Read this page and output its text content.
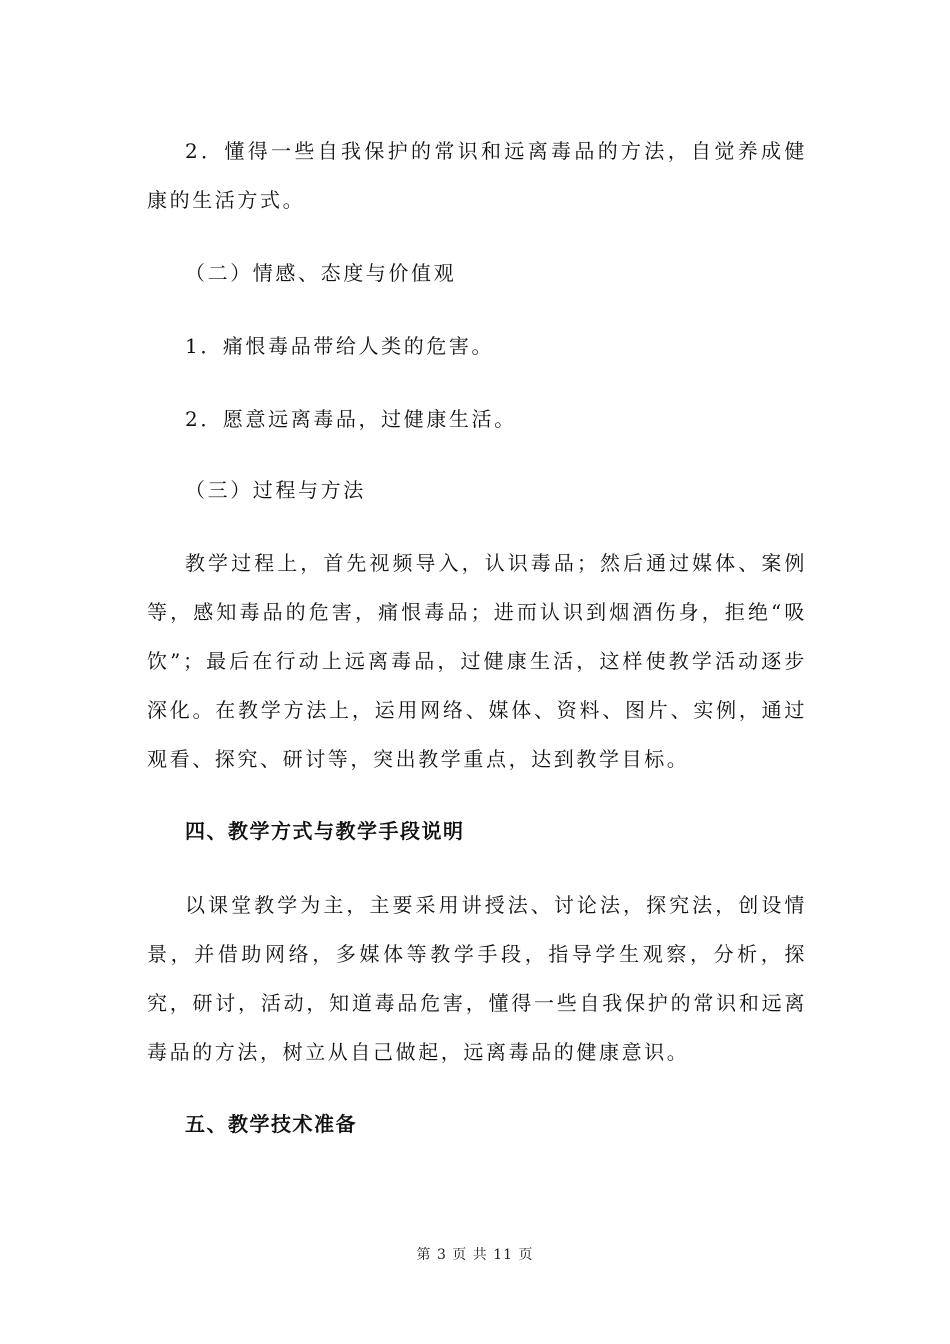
2．懂得一些自我保护的常识和远离毒品的方法，自觉养成健康的生活方式。

（二）情感、态度与价值观

1．痛恨毒品带给人类的危害。

2．愿意远离毒品，过健康生活。

（三）过程与方法

教学过程上，首先视频导入，认识毒品；然后通过媒体、案例等，感知毒品的危害，痛恨毒品；进而认识到烟酒伤身，拒绝“吸饮”；最后在行动上远离毒品，过健康生活，这样使教学活动逐步深化。在教学方法上，运用网络、媒体、资料、图片、实例，通过观看、探究、研讨等，突出教学重点，达到教学目标。

四、教学方式与教学手段说明

以课堂教学为主，主要采用讲授法、讨论法，探究法，创设情景，并借助网络，多媒体等教学手段，指导学生观察，分析，探究，研讨，活动，知道毒品危害，懂得一些自我保护的常识和远离毒品的方法，树立从自己做起，远离毒品的健康意识。

五、教学技术准备

第 3 页 共 11 页
